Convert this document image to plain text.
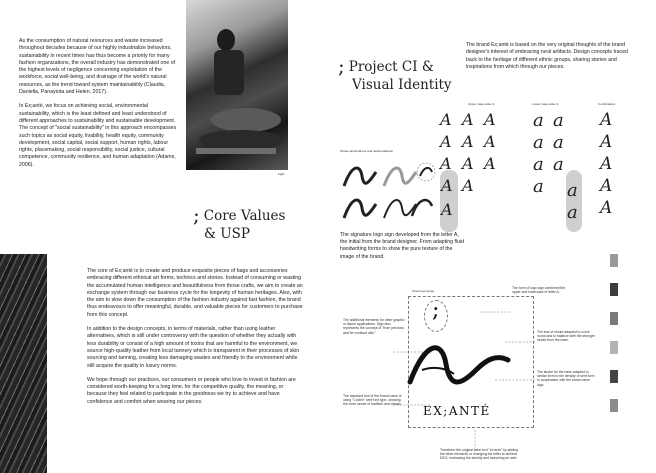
As the consumption of natural resources and waste increased throughout decades because of our highly industrialize behaviors, sustainability in recent times has thus become a priority for many fashion organizations, the overall industry has demonstrated one of the highest levels of negligence concerning exploitation of the workforce, social well-being, and drainage of the world's natural resources, as the trend toward system maintainability (Claudia, Daniella, Panayiota and Helen, 2017).

In Ex;anté, we focus on achieving social, environmental sustainability, which is the least defined and least understood of different approaches to sustainability and sustainable development. The concept of "social sustainability" in this approach encompasses such topics as social equity, livability, health equity, community development, social capital, social support, human rights, labour rights, placemaking, social responsibility, social justice, cultural competence, community resilience, and human adaptation (Adams, 2006).

Fig5.
; Core Values
& USP

The core of Ex;anté is to create and produce exquisite pieces of bags and accessories embracing different ethnical art forms, technics and stories. Instead of consuming or wasting the accumulated human intelligence and beautifulness from those crafts, we aim to create an exchange system through our business cycle for the longevity of human heritages. Also, with the aim to slow down the consumption of the fashion industry against fast fashion, the brand thus endeavours to offer meaningful, durable, and valuable pieces for customers to purchase from this concept.

In addition to the design concepts, in terms of materials, rather than using leather alternatives, which is still under controversy with the question of whether they actually with less durability or consist of a high amount of toxins that are harmful to the environment, we source high-quality leather from local tannery which is transparent in their processes of skin sourcing and tanning, creating less damaging wastes and friendly to the environment while still acquire the quality in luxury norms.

We hope through our practices, our consumers or people who love to invest in fashion are considered worth-keeping for a long time, for the competitive quality, the meaning, or because they feel related to participate in the goodness we try to achieve and have confidence and comfort when wearing our pieces.

; Project CI &
Visual Identity
The brand Ex;anté is based on the very original thoughts of the brand designer's interest of embracing rural artifacts. Design concepts traced back to the heritage of different ethnic groups, sharing stories and inspirations from which through our pieces.
Upper case letter A	Lower case letter A	Combination
A A A
A A A
A A A
A A
A
a a
a a
a a
a a
a
A
A
A
A
A
Stroke applications and detail adaption
The signature logo sign developed from the letter A, the initial from the brand designer. From adapting fluid handwriting forms to show the pure texture of the image of the brand.
Final logo range
;
EX;ANTÉ
The additional elements for other graphic or layout applications. Sign also represents the concept of "from previous and be continue with."
The standard font of the brand name is using "Cochin" serif font type, showing the more sense of tradition and classic.
The form of logo sign combined the upper and lowercase of letter A.
The end of stroke adapted to curve round and to balance with the stronger stroke from the base.
The stroke for the base adapted to similar form to the density of serif form in cooperation with the brand name logo.
Transform the original letter text "ex ante" by adding the other elements or changing the letter to achieve DEO, embracing the identity and launching on web.
